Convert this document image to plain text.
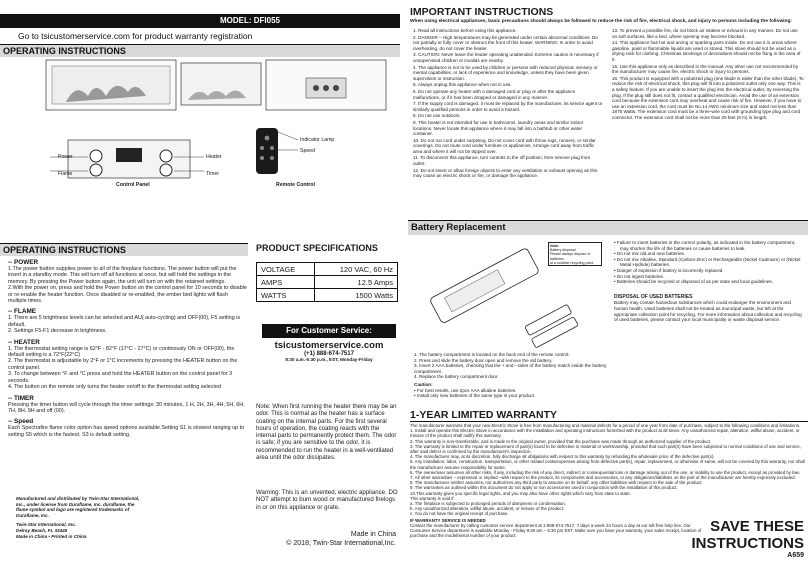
MODEL: DFI055
Go to tsicustomerservice.com for product warranty registration
OPERATING INSTRUCTIONS
Power
Flame
Heater
Timer
Indicator Lamp
Speed
Control Panel	Remote Control
OPERATING INSTRUCTIONS
-- POWER
1.The power button supplies power to all of the fireplace functions. The power button will put the insert in a standby mode. This will turn off all functions at once, but will hold the settings in the memory. By pressing the Power button again, the unit will turn on with the retained settings.
2.With the power on, press and hold the Power button on the control panel for 10 seconds to disable or re-enable the heater function. Once disabled or re-enabled, the ember bed lights will flash multiple times.
-- FLAME
1. There are 5 brightness levels can be selected and AU( auto-cycling) and OFF(00), F5 setting is default.
2. Settings F5-F1 decrease in brightness.
-- HEATER
1. The thermostat setting range is 62°F - 82°F (17°C - 27°C) or continously ON or OFF(00), the default setting is a 72°F(22°C)
2. The thermostat is adjustable by 2°F or 1°C increments by pressing the HEATER button on the control panel.
3. To change between °F and °C press and hold the HEATER button on the control panel for 3 seconds.
4. The button on the remote only turns the heater on/off to the thermostat setting selected
-- TIMER
Pressing the timer button will cycle through the timer settings: 30 minutes, 1 H, 2H, 3H, 4H, 5H, 6H, 7H, 8H, 9H and off (00).
-- Speed
Each Spectrafire flame color option has speed options available.Setting S1 is slowest ranging up to setting S5 which is the fastest. S3 is default setting.
Manufactured and distributed by Twin-Star International, Inc., under license from Duraflame, Inc. duraflame, the flame symbol and logo are registered trademarks of Duraflame, Inc.
Twin-Star International, Inc.
Delray Beach, FL 33445
Made in China • Printed in China	Made in China
© 2018, Twin-Star International,Inc.
PRODUCT SPECIFICATIONS
VOLTAGE	120 VAC, 60 Hz
AMPS	12.5 Amps
WATTS	1500 Watts
For Customer Service:
tsicustomerservice.com
(+1) 888-674-7517
8:30 a.m.-5:30 p.m., EST, Monday-Friday
Note: When first running the heater there may be an odor. This is normal as the heater has a surface coating on the internal parts. For the first several hours of operation, the coating reacts with the internal parts to permanently protect them. The odor is safe; if you are sensitive to the odor, it is recommended to run the heater in a well-ventilated area until the odor dissipates.
Warning: This is an unvented, electric appliance. DO NOT attempt to burn wood or manufactured firelogs in or on this appliance or grate.
IMPORTANT INSTRUCTIONS
When using electrical appliances, basic precautions should always be followed to reduce the risk of fire, electrical shock, and injury to persons including the following:
1. Read all instructions before using this appliance.
2. DANGER – High temperatures may be generated under certain abnormal conditions. Do not partially or fully cover or obstruct the front of this heater. WARNING: In order to avoid overheating, do not cover the heater.
3. CAUTION: Never leave the heater operating unattended. Extreme caution is necessary if unsupervised children or invalids are nearby.
4. The appliance is not to be used by children or persons with reduced physical, sensory or mental capabilities, or lack of experience and knowledge, unless they have been given supervision or instruction.
5. Always unplug this appliance when not in use.
6. Do not operate any heater with a damaged cord or plug or after the appliance malfunctions, or if it has been dropped or damaged in any manner.
7. If the supply cord is damaged, it must be replaced by the manufacturer, its service agent or similarly qualified persons in order to avoid a hazard.
8. Do not use outdoors.
9. This heater is not intended for use in bathrooms, laundry areas and similar indoor locations. Never locate this appliance where it may fall into a bathtub or other water container.
10. Do not run cord under carpeting. Do not cover cord with throw rugs, runners, or similar coverings. Do not route cord under furniture or appliances. Arrange cord away from traffic area and where it will not be tripped over.
11. To disconnect this appliance, turn controls to the off position, then remove plug from outlet.
12. Do not insert or allow foreign objects to enter any ventilation or exhaust opening as this may cause an electric shock or fire, or damage the appliance.
13. To prevent a possible fire, do not block air intakes or exhaust in any manner. Do not use on soft surfaces, like a bed, where opening may become blocked.
14. This appliance has hot and arcing or sparking parts inside. Do not use it in areas where gasoline, paint or flammable liquids are used or stored. This stove should not be used as a drying rack for clothing. Christmas stockings or decorations should not be flung in the area of it.
15. Use this appliance only as described in the manual. Any other use not recommended by the manufacturer may cause fire, electric shock or injury to persons.
16. This product is equipped with a polarized plug (one blade is wider than the other blade). To reduce the risk of electrical shock, this plug will fit into a polarized outlet only one way. This is a safety feature. If you are unable to insert the plug into the electrical outlet, try reversing the plug. If the plug still does not fit, contact a qualified electrician. Avoid the use of an extension cord because the extension cord may overheat and cause risk of fire. However, if you have to use an extension cord, the cord must be No.14 AWG minimum size and rated not less than 1875 Watts. The extension cord must be a three-wire cord with grounding type plug and cord connector. The extension cord shall not be more than 20 feet (6 m) in length.
Battery Replacement
Note:
Battery disposal
Please always dispose of batteries
at a suitable recycling point
1. The battery compartment is located on the back end of the remote control.
2. Press and slide the battery door open and remove the old battery.
3. Insert 2 AAA batteries, checking that the + and - sides of the battery match inside the battery compartment.
4. Replace the battery compartment door.
Caution:
• For best results, use 2pcs AAA alkaline batteries.
• Install only new batteries of the same type in your product.
• Failure to insert batteries in the correct polarity, as indicated in the battery compartment, may shorten the life of the batteries or cause batteries to leak.
• Do not mix old and new batteries.
• Do not mix Alkaline, Standard (Carbon-Zinc) or Rechargeable (Nickel Cadmium) or (Nickel Metal Hydride) batteries.
• Danger of explosion if battery is incorrectly replaced.
• Do not ingest batteries.
• Batteries should be recycled or disposed of as per state and local guidelines.
DISPOSAL OF USED BATTERIES
Battery may contain hazardous substances which could endanger the environment and human health. Used batteries shall not be treated as municipal waste, but left at the appropriate collection point for recycling. For more information about collection and recycling of used batteries, please contact your local municipality or waste disposal service.
1-YEAR LIMITED WARRANTY
The manufacturer warrants that your new Electric Stove is free from manufacturing and material defects for a period of one year from date of purchase, subject to the following conditions and limitations.
1. Install and operate this Electric Stove in accordance with the installation and operating instructions furnished with the product at all times. Any unauthorized repair, alteration, willful abuse, accident, or misuse of the product shall nullify this warranty.
2. This warranty is non-transferable, and is made to the original owner, provided that the purchase was made through an authorized supplier of the product.
3. The warranty is limited to the repair or replacement of part(s) found to be defective in material or workmanship, provided that such part(s) have been subjected to normal conditions of use and service, after said defect is confirmed by the manufacturer's inspection.
4. The manufacturer may, at its discretion, fully discharge all obligations with respect to this warranty by refunding the wholesale price of the defective part(s).
5. Any installation, labor, construction, transportation, or other related costs/expenses arising from defective part(s), repair, replacement, or otherwise of same, will not be covered by this warranty, nor shall the manufacturer assume responsibility for same.
6. The owner/user assumes all other risks, if any, including the risk of any direct, indirect or consequential loss or damage arising out of the use, or inability to use the product, except as provided by law.
7. All other warranties – expressed or implied –with respect to the product, its components and accessories, or any obligations/liabilities on the part of the manufacturer are hereby expressly excluded.
8. The manufacturer neither assumes, nor authorizes any third party to assume on its behalf, any other liabilities with respect to the sale of the product.
9. The warranties as outlined within this document do not apply to non accessories used in conjunction with the installation of this product.
10.This warranty gives you specific legal rights, and you may also have other rights which vary from state to state.
This warranty is void if:
a. The fireplace is subjected to prolonged periods of dampness or condensation.
b. Any unauthorized alteration, willful abuse, accident, or misuse of the product.
c. You do not have the original receipt of purchase.
IF WARRANTY SERVICE IS NEEDED
Contact the manufacturer by calling customer service department at 1-888-674-7517, 7 days a week 24 hours a day at our toll-free help line. Our Consumer Service department is available Monday - Friday 8:30 am – 5:30 pm EST. Make sure you have your warranty, your sales receipt, location of purchase and the model/serial number of your product.
SAVE THESE
INSTRUCTIONS
A659
